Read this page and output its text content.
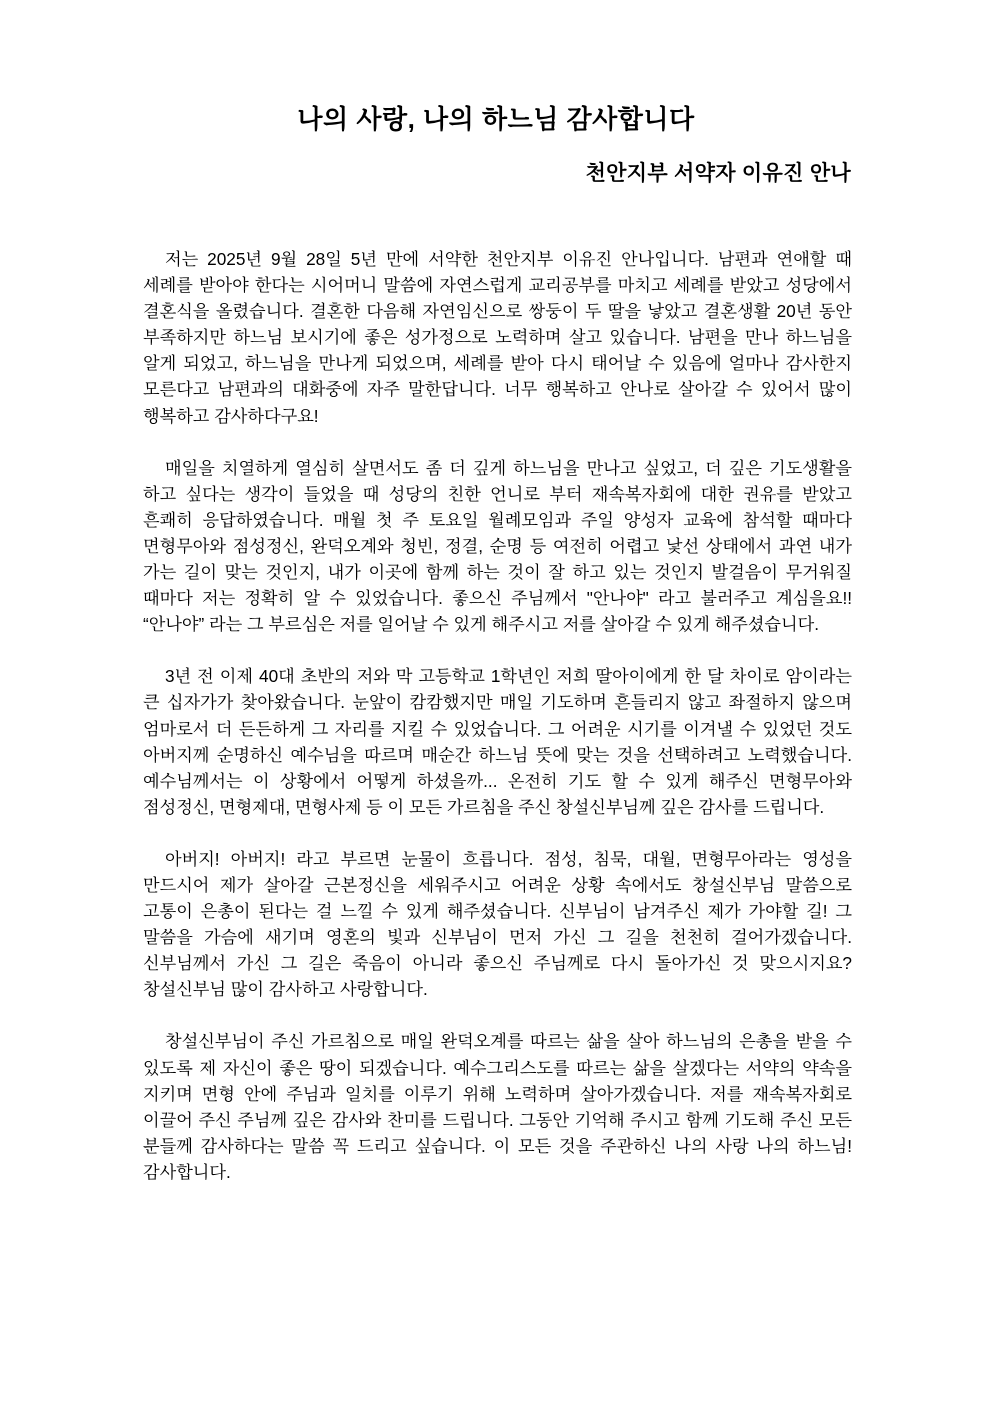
나의 사랑, 나의 하느님 감사합니다
천안지부 서약자 이유진 안나

저는 2025년 9월 28일 5년 만에 서약한 천안지부 이유진 안나입니다. 남편과 연애할 때 세례를 받아야 한다는 시어머니 말씀에 자연스럽게 교리공부를 마치고 세례를 받았고 성당에서 결혼식을 올렸습니다. 결혼한 다음해 자연임신으로 쌍둥이 두 딸을 낳았고 결혼생활 20년 동안 부족하지만 하느님 보시기에 좋은 성가정으로 노력하며 살고 있습니다. 남편을 만나 하느님을 알게 되었고, 하느님을 만나게 되었으며, 세례를 받아 다시 태어날 수 있음에 얼마나 감사한지 모른다고 남편과의 대화중에 자주 말한답니다. 너무 행복하고 안나로 살아갈 수 있어서 많이 행복하고 감사하다구요!

매일을 치열하게 열심히 살면서도 좀 더 깊게 하느님을 만나고 싶었고, 더 깊은 기도생활을 하고 싶다는 생각이 들었을 때 성당의 친한 언니로 부터 재속복자회에 대한 권유를 받았고 흔쾌히 응답하였습니다. 매월 첫 주 토요일 월례모임과 주일 양성자 교육에 참석할 때마다 면형무아와 점성정신, 완덕오계와 청빈, 정결, 순명 등 여전히 어렵고 낯선 상태에서 과연 내가 가는 길이 맞는 것인지, 내가 이곳에 함께 하는 것이 잘 하고 있는 것인지 발걸음이 무거워질 때마다 저는 정확히 알 수 있었습니다. 좋으신 주님께서 "안나야" 라고 불러주고 계심을요!! “안나야” 라는 그 부르심은 저를 일어날 수 있게 해주시고 저를 살아갈 수 있게 해주셨습니다.

3년 전 이제 40대 초반의 저와 막 고등학교 1학년인 저희 딸아이에게 한 달 차이로 암이라는 큰 십자가가 찾아왔습니다. 눈앞이 캄캄했지만 매일 기도하며 흔들리지 않고 좌절하지 않으며 엄마로서 더 든든하게 그 자리를 지킬 수 있었습니다. 그 어려운 시기를 이겨낼 수 있었던 것도 아버지께 순명하신 예수님을 따르며 매순간 하느님 뜻에 맞는 것을 선택하려고 노력했습니다. 예수님께서는 이 상황에서 어떻게 하셨을까... 온전히 기도 할 수 있게 해주신 면형무아와 점성정신, 면형제대, 면형사제 등 이 모든 가르침을 주신 창설신부님께 깊은 감사를 드립니다.

아버지! 아버지! 라고 부르면 눈물이 흐릅니다. 점성, 침묵, 대월, 면형무아라는 영성을 만드시어 제가 살아갈 근본정신을 세워주시고 어려운 상황 속에서도 창설신부님 말씀으로 고통이 은총이 된다는 걸 느낄 수 있게 해주셨습니다. 신부님이 남겨주신 제가 가야할 길! 그 말씀을 가슴에 새기며 영혼의 빛과 신부님이 먼저 가신 그 길을 천천히 걸어가겠습니다. 신부님께서 가신 그 길은 죽음이 아니라 좋으신 주님께로 다시 돌아가신 것 맞으시지요? 창설신부님 많이 감사하고 사랑합니다.

창설신부님이 주신 가르침으로 매일 완덕오계를 따르는 삶을 살아 하느님의 은총을 받을 수 있도록 제 자신이 좋은 땅이 되겠습니다. 예수그리스도를 따르는 삶을 살겠다는 서약의 약속을 지키며 면형 안에 주님과 일치를 이루기 위해 노력하며 살아가겠습니다. 저를 재속복자회로 이끌어 주신 주님께 깊은 감사와 찬미를 드립니다. 그동안 기억해 주시고 함께 기도해 주신 모든 분들께 감사하다는 말씀 꼭 드리고 싶습니다. 이 모든 것을 주관하신 나의 사랑 나의 하느님! 감사합니다.
